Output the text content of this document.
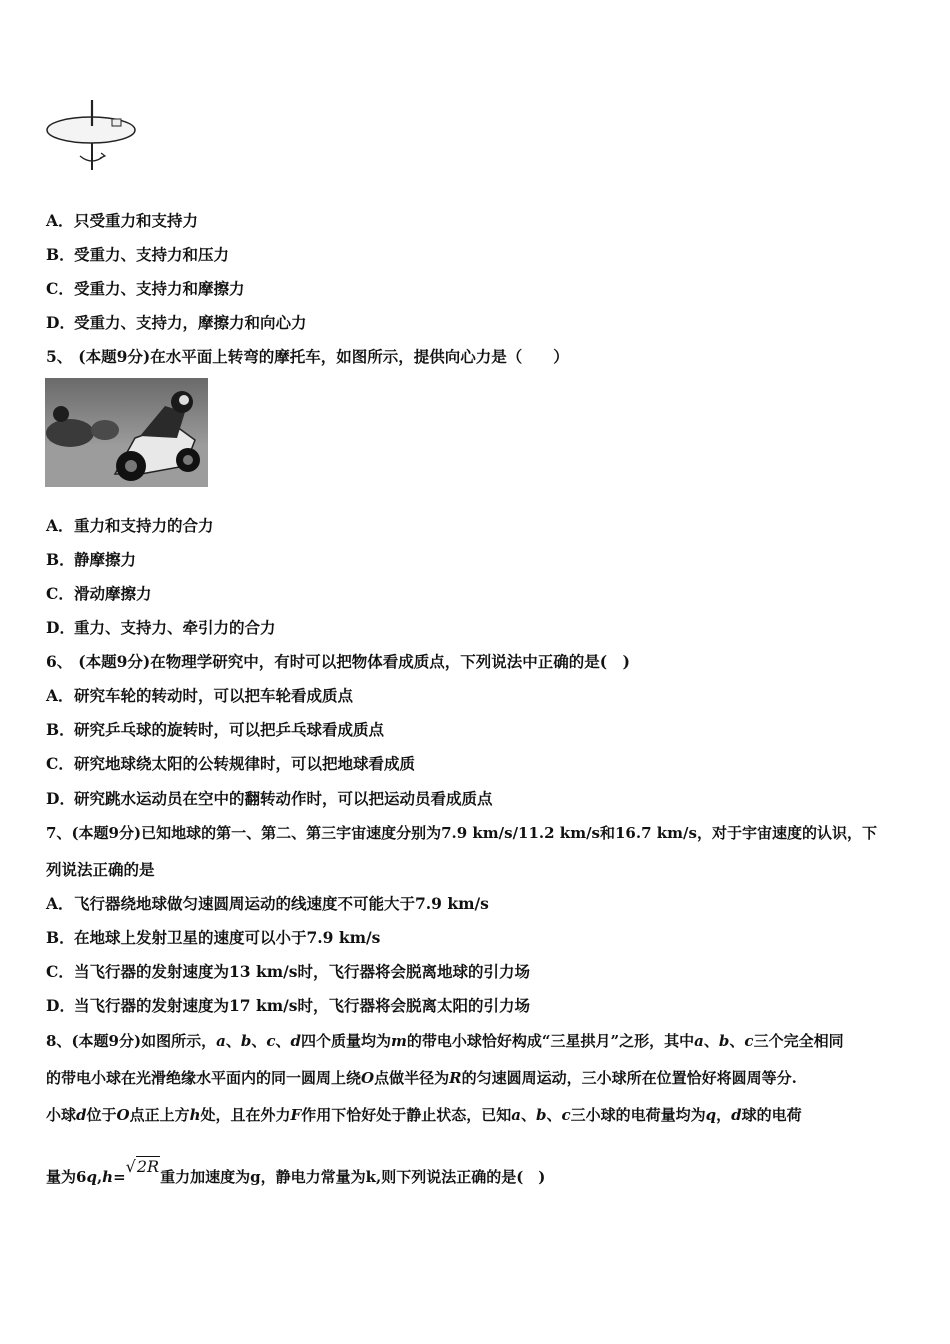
A．只受重力和支持力
B．受重力、支持力和压力
C．受重力、支持力和摩擦力
D．受重力、支持力，摩擦力和向心力
5、 (本题9分)在水平面上转弯的摩托车，如图所示，提供向心力是（　　）
A．重力和支持力的合力
B．静摩擦力
C．滑动摩擦力
D．重力、支持力、牵引力的合力
6、 (本题9分)在物理学研究中，有时可以把物体看成质点，下列说法中正确的是(　)
A．研究车轮的转动时，可以把车轮看成质点
B．研究乒乓球的旋转时，可以把乒乓球看成质点
C．研究地球绕太阳的公转规律时，可以把地球看成质
D．研究跳水运动员在空中的翻转动作时，可以把运动员看成质点
7、(本题9分)已知地球的第一、第二、第三宇宙速度分别为7.9 km/s/11.2 km/s和16.7 km/s，对于宇宙速度的认识，下
列说法正确的是
A．飞行器绕地球做匀速圆周运动的线速度不可能大于7.9 km/s
B．在地球上发射卫星的速度可以小于7.9 km/s
C．当飞行器的发射速度为13 km/s时，飞行器将会脱离地球的引力场
D．当飞行器的发射速度为17 km/s时，飞行器将会脱离太阳的引力场
8、(本题9分)如图所示，a、b、c、d四个质量均为m的带电小球恰好构成“三星拱月”之形，其中a、b、c三个完全相同
的带电小球在光滑绝缘水平面内的同一圆周上绕O点做半径为R的匀速圆周运动，三小球所在位置恰好将圆周等分.
小球d位于O点正上方h处，且在外力F作用下恰好处于静止状态，已知a、b、c三小球的电荷量均为q，d球的电荷
量为6q,h=√2R重力加速度为g，静电力常量为k,则下列说法正确的是(　)
